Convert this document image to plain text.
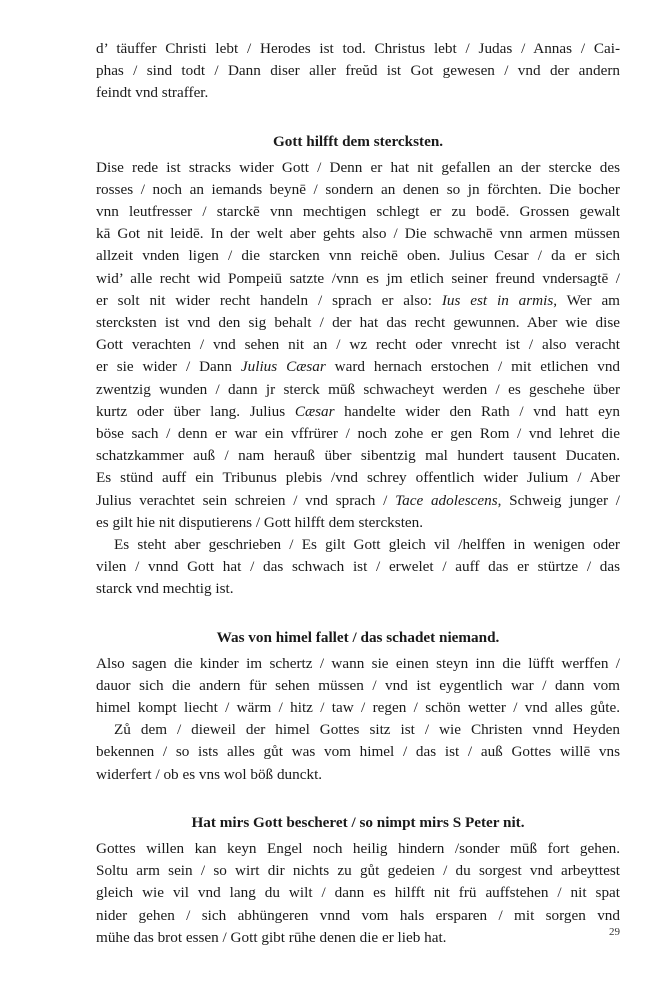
d’ täuffer Christi lebt / Herodes ist tod. Christus lebt / Judas / Annas / Cai-
phas / sind todt / Dann diser aller freŭd ist Got gewesen / vnd der andern
feindt vnd straffer.
Gott hilfft dem stercksten.
Dise rede ist stracks wider Gott / Denn er hat nit gefallen an der stercke des
rosses / noch an iemands beynē / sondern an denen so jn förchten. Die bocher
vnn leutfresser / starckē vnn mechtigen schlegt er zu bodē. Grossen gewalt
kā Got nit leidē. In der welt aber gehts also / Die schwachē vnn armen müssen
allzeit vnden ligen / die starcken vnn reichē oben. Julius Cesar / da er sich
wid’ alle recht wid Pompeiū satzte /vnn es jm etlich seiner freund vndersagtē /
er solt nit wider recht handeln / sprach er also: Ius est in armis, Wer am
stercksten ist vnd den sig behalt / der hat das recht gewunnen. Aber wie dise
Gott verachten / vnd sehen nit an / wz recht oder vnrecht ist / also veracht
er sie wider / Dann Julius Cæsar ward hernach erstochen / mit etlichen vnd
zwentzig wunden / dann jr sterck mūß schwacheyt werden / es geschehe über
kurtz oder über lang. Julius Cæsar handelte wider den Rath / vnd hatt eyn
böse sach / denn er war ein vffrürer / noch zohe er gen Rom / vnd lehret die
schatzkammer auß / nam herauß über sibentzig mal hundert tausent Ducaten.
Es stünd auff ein Tribunus plebis /vnd schrey offentlich wider Julium / Aber
Julius verachtet sein schreien / vnd sprach / Tace adolescens, Schweig junger /
es gilt hie nit disputierens / Gott hilfft dem stercksten.
Es steht aber geschrieben / Es gilt Gott gleich vil /helffen in wenigen oder
vilen / vnnd Gott hat / das schwach ist / erwelet / auff das er stürtze / das
starck vnd mechtig ist.
Was von himel fallet / das schadet niemand.
Also sagen die kinder im schertz / wann sie einen steyn inn die lüfft werffen /
dauor sich die andern für sehen müssen / vnd ist eygentlich war / dann vom
himel kompt liecht / wärm / hitz / taw / regen / schön wetter / vnd alles gůte.
Zů dem / dieweil der himel Gottes sitz ist / wie Christen vnnd Heyden
bekennen / so ists alles gůt was vom himel / das ist / auß Gottes willē vns
widerfert / ob es vns wol böß dunckt.
Hat mirs Gott bescheret / so nimpt mirs S Peter nit.
Gottes willen kan keyn Engel noch heilig hindern /sonder mūß fort gehen.
Soltu arm sein / so wirt dir nichts zu gůt gedeien / du sorgest vnd arbeyttest
gleich wie vil vnd lang du wilt / dann es hilfft nit frü auffstehen / nit spat
nider gehen / sich abhüngeren vnnd vom hals ersparen / mit sorgen vnd
mühe das brot essen / Gott gibt rūhe denen die er lieb hat.	29
